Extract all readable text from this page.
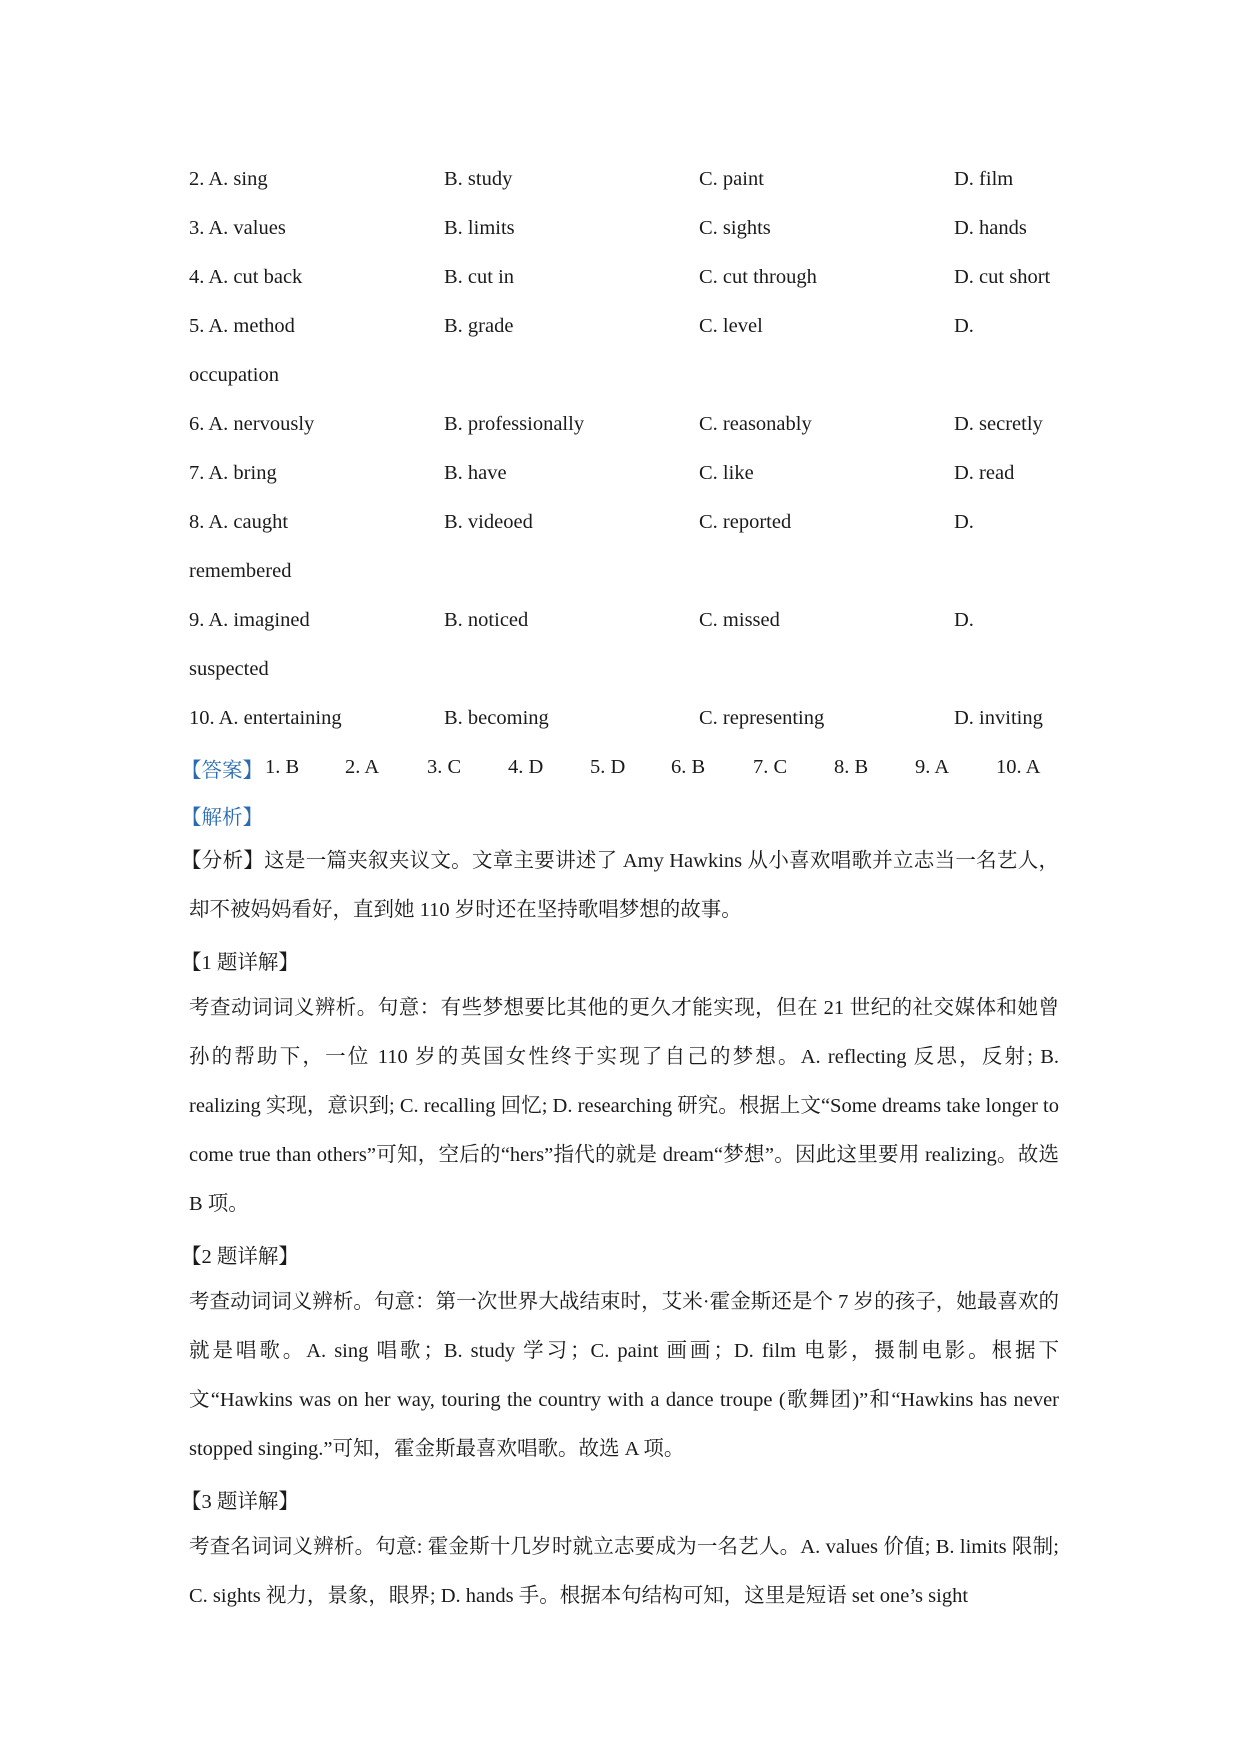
2. A. sing	B. study	C. paint	D. film
3. A. values	B. limits	C. sights	D. hands
4. A. cut back	B. cut in	C. cut through	D. cut short
5. A. method	B. grade	C. level	D.
occupation
6. A. nervously	B. professionally	C. reasonably	D. secretly
7. A. bring	B. have	C. like	D. read
8. A. caught	B. videoed	C. reported	D.
remembered
9. A. imagined	B. noticed	C. missed	D.
suspected
10. A. entertaining	B. becoming	C. representing	D. inviting
【答案】 1. B	2. A	3. C	4. D	5. D	6. B	7. C	8. B	9. A	10. A
【解析】
【分析】这是一篇夹叙夹议文。文章主要讲述了 Amy Hawkins 从小喜欢唱歌并立志当一名艺人，却不被妈妈看好，直到她 110 岁时还在坚持歌唱梦想的故事。
【1 题详解】
考查动词词义辨析。句意：有些梦想要比其他的更久才能实现，但在 21 世纪的社交媒体和她曾孙的帮助下，一位 110 岁的英国女性终于实现了自己的梦想。A. reflecting 反思，反射; B. realizing 实现，意识到; C. recalling 回忆; D. researching 研究。根据上文“Some dreams take longer to come true than others”可知，空后的“hers”指代的就是 dream“梦想”。因此这里要用 realizing。故选 B 项。
【2 题详解】
考查动词词义辨析。句意：第一次世界大战结束时，艾米·霍金斯还是个 7 岁的孩子，她最喜欢的就是唱歌。A. sing 唱歌；B. study 学习；C. paint 画画；D. film 电影，摄制电影。根据下文“Hawkins was on her way, touring the country with a dance troupe (歌舞团)”和“Hawkins has never stopped singing.”可知，霍金斯最喜欢唱歌。故选 A 项。
【3 题详解】
考查名词词义辨析。句意: 霍金斯十几岁时就立志要成为一名艺人。A. values 价值; B. limits 限制; C. sights 视力，景象，眼界; D. hands 手。根据本句结构可知，这里是短语 set one’s sight
